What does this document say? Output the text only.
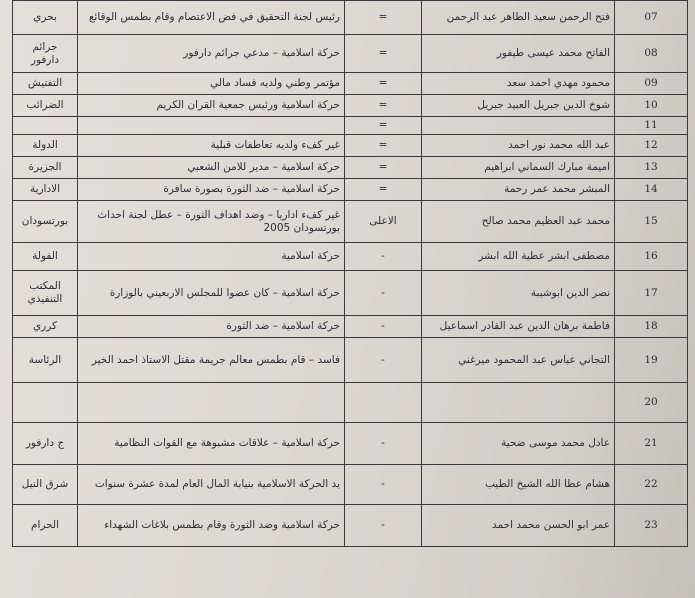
بحري	رئيس لجنة التحقيق في فض الاعتصام وقام بطمس الوقائع	=	فتح الرحمن سعيد الطاهر عبد الرحمن	07
جرائم دارفور	حركة اسلامية – مدعي جرائم دارفور	=	الفاتح محمد عيسى طيفور	08
التفتيش	مؤتمر وطني ولديه فساد مالي	=	محمود مهدي احمد سعد	09
الضرائب	حركة اسلامية ورئيس جمعية القران الكريم	=	شوخ الدين جبريل العبيد جبريل	10
		=		11
الدولة	غير كفء ولديه تعاطفات قبلية	=	عبد الله محمد نور احمد	12
الجزيرة	حركة اسلامية – مدير للامن الشعبي	=	اميمة مبارك السماني ابراهيم	13
الادارية	حركة اسلامية – ضد الثورة بصورة سافرة	=	المبشر محمد عمر رحمة	14
بورتسودان	غير كفء اداريا – وضد اهداف الثورة – عطل لجنة احداث بورتسودان 2005	الاعلى	محمد عبد العظيم محمد صالح	15
الفولة	حركة اسلامية	-	مصطفى ابشر عطية الله ابشر	16
المكتب التنفيذي	حركة اسلامية – كان عضوا للمجلس الاربعيني بالوزارة	-	نصر الدين ابوشيبة	17
كرري	حركة اسلامية – ضد الثورة	-	فاطمة برهان الدين عبد القادر اسماعيل	18
الرئاسة	فاسد – قام بطمس معالم جريمة مقتل الاستاذ احمد الخير	-	التجاني عباس عبد المحمود ميرغني	19
				20
ج دارفور	حركة اسلامية – علاقات مشبوهة مع القوات النظامية	-	عادل محمد موسى ضحية	21
شرق النيل	يد الحركة الاسلامية بنيابة المال العام لمدة عشرة سنوات	-	هشام عطا الله الشيخ الطيب	22
الحرام	حركة اسلامية وضد الثورة وقام بطمس بلاغات الشهداء	-	عمر ابو الحسن محمد احمد	23
